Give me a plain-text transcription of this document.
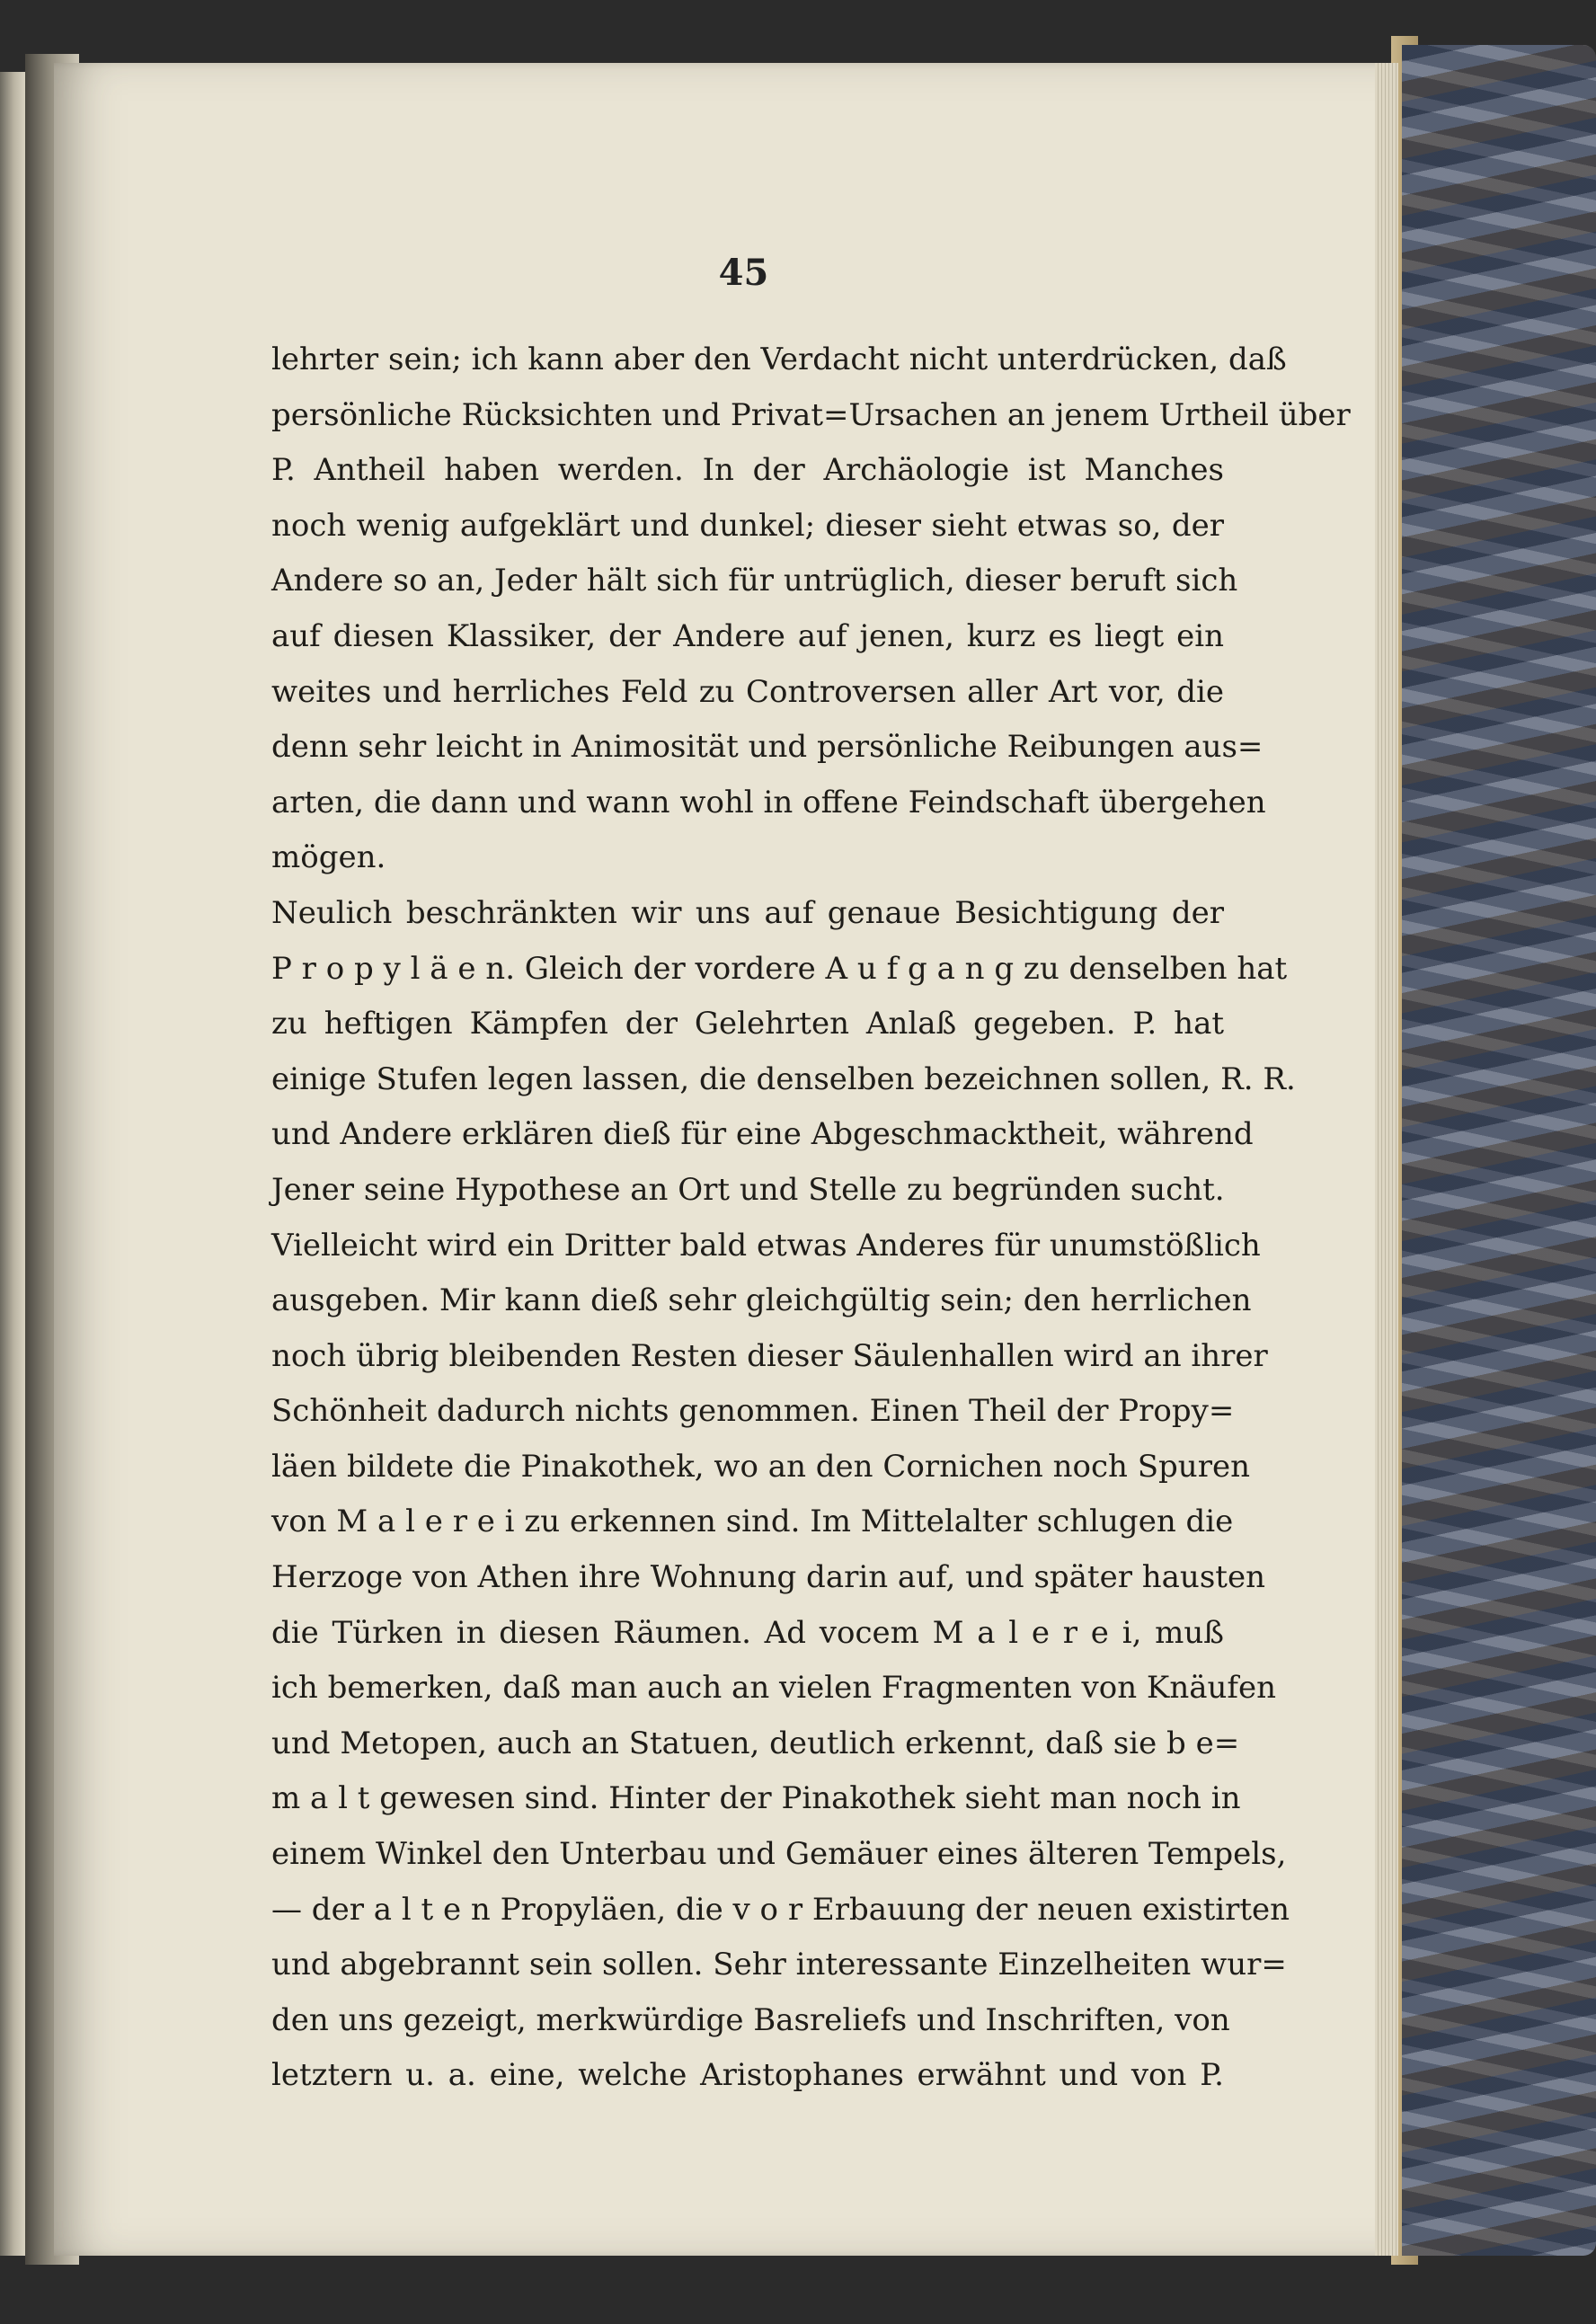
45
lehrter sein; ich kann aber den Verdacht nicht unterdrücken, daß
persönliche Rücksichten und Privat=Ursachen an jenem Urtheil über
P. Antheil haben werden. In der Archäologie ist Manches
noch wenig aufgeklärt und dunkel; dieser sieht etwas so, der
Andere so an, Jeder hält sich für untrüglich, dieser beruft sich
auf diesen Klassiker, der Andere auf jenen, kurz es liegt ein
weites und herrliches Feld zu Controversen aller Art vor, die
denn sehr leicht in Animosität und persönliche Reibungen aus=
arten, die dann und wann wohl in offene Feindschaft übergehen
mögen.
Neulich beschränkten wir uns auf genaue Besichtigung der
P r o p y l ä e n. Gleich der vordere A u f g a n g zu denselben hat
zu heftigen Kämpfen der Gelehrten Anlaß gegeben. P. hat
einige Stufen legen lassen, die denselben bezeichnen sollen, R. R.
und Andere erklären dieß für eine Abgeschmacktheit, während
Jener seine Hypothese an Ort und Stelle zu begründen sucht.
Vielleicht wird ein Dritter bald etwas Anderes für unumstößlich
ausgeben. Mir kann dieß sehr gleichgültig sein; den herrlichen
noch übrig bleibenden Resten dieser Säulenhallen wird an ihrer
Schönheit dadurch nichts genommen. Einen Theil der Propy=
läen bildete die Pinakothek, wo an den Cornichen noch Spuren
von M a l e r e i zu erkennen sind. Im Mittelalter schlugen die
Herzoge von Athen ihre Wohnung darin auf, und später hausten
die Türken in diesen Räumen. Ad vocem M a l e r e i, muß
ich bemerken, daß man auch an vielen Fragmenten von Knäufen
und Metopen, auch an Statuen, deutlich erkennt, daß sie b e=
m a l t gewesen sind. Hinter der Pinakothek sieht man noch in
einem Winkel den Unterbau und Gemäuer eines älteren Tempels,
— der a l t e n Propyläen, die v o r Erbauung der neuen existirten
und abgebrannt sein sollen. Sehr interessante Einzelheiten wur=
den uns gezeigt, merkwürdige Basreliefs und Inschriften, von
letztern u. a. eine, welche Aristophanes erwähnt und von P.
